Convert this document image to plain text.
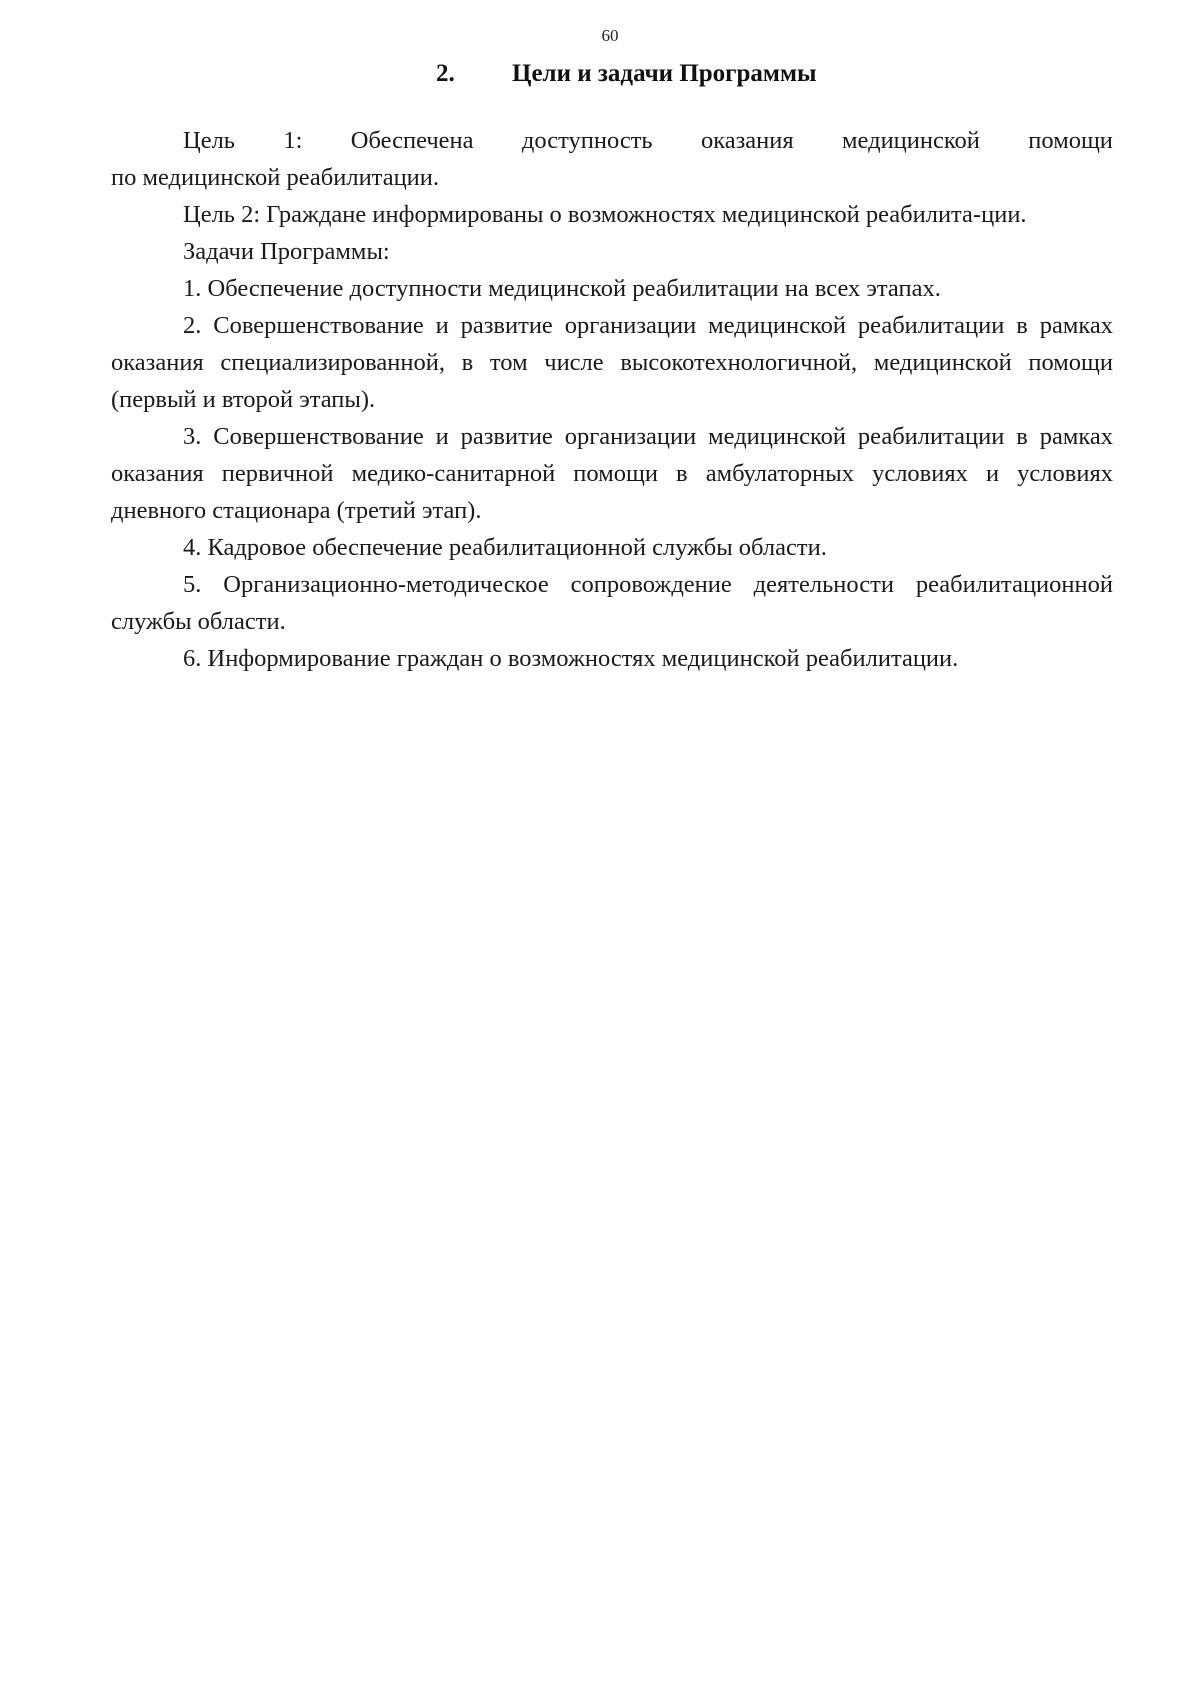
60
2. Цели и задачи Программы
Цель 1: Обеспечена доступность оказания медицинской помощи
по медицинской реабилитации.

Цель 2: Граждане информированы о возможностях медицинской реабилита-ции.

Задачи Программы:

1. Обеспечение доступности медицинской реабилитации на всех этапах.

2. Совершенствование и развитие организации медицинской реабилитации в рамках оказания специализированной, в том числе высокотехнологичной, медицинской помощи (первый и второй этапы).

3. Совершенствование и развитие организации медицинской реабилитации в рамках оказания первичной медико-санитарной помощи в амбулаторных условиях и условиях дневного стационара (третий этап).

4. Кадровое обеспечение реабилитационной службы области.

5. Организационно-методическое сопровождение деятельности реабилитационной службы области.

6. Информирование граждан о возможностях медицинской реабилитации.
